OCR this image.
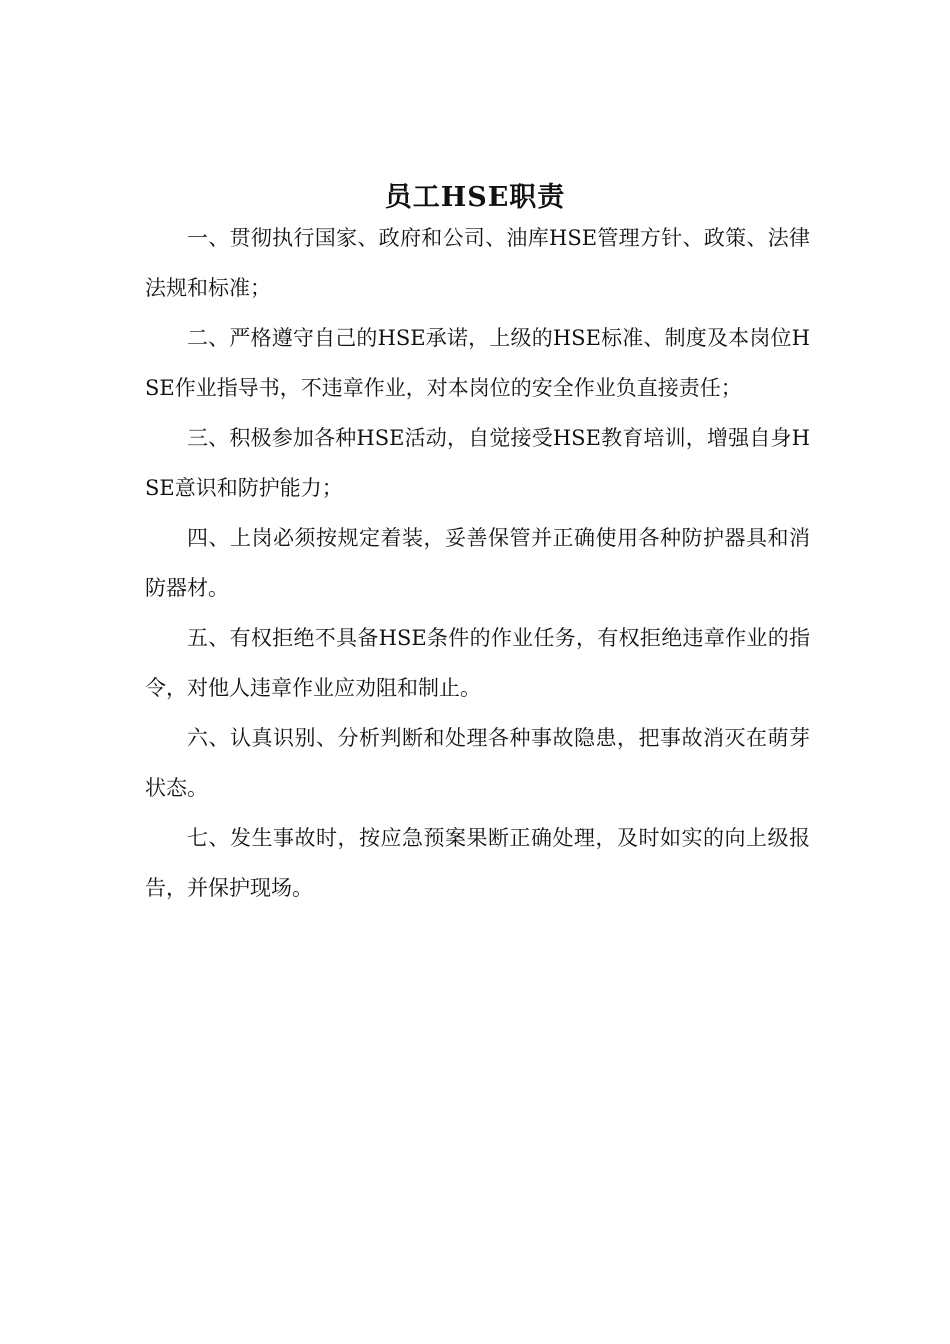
员工HSE职责

一、贯彻执行国家、政府和公司、油库HSE管理方针、政策、法律法规和标准；

二、严格遵守自己的HSE承诺，上级的HSE标准、制度及本岗位HSE作业指导书，不违章作业，对本岗位的安全作业负直接责任；

三、积极参加各种HSE活动，自觉接受HSE教育培训，增强自身HSE意识和防护能力；

四、上岗必须按规定着装，妥善保管并正确使用各种防护器具和消防器材。

五、有权拒绝不具备HSE条件的作业任务，有权拒绝违章作业的指令，对他人违章作业应劝阻和制止。

六、认真识别、分析判断和处理各种事故隐患，把事故消灭在萌芽状态。

七、发生事故时，按应急预案果断正确处理，及时如实的向上级报告，并保护现场。
